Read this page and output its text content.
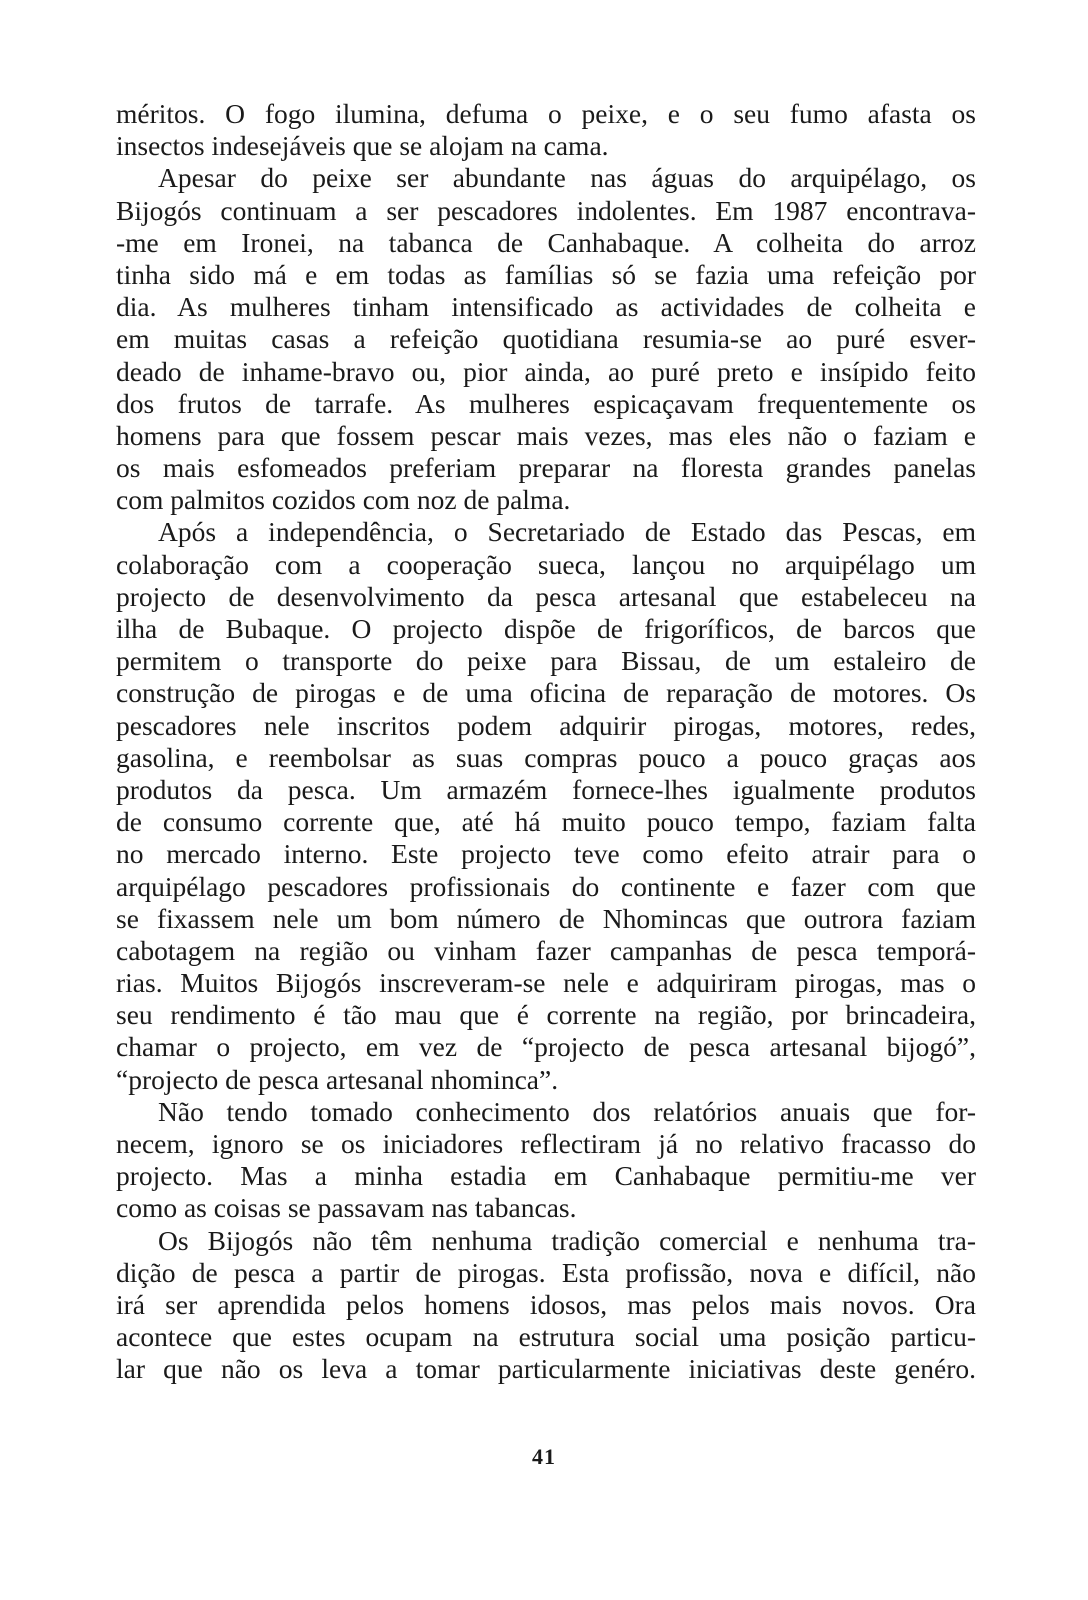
méritos. O fogo ilumina, defuma o peixe, e o seu fumo afasta os
insectos indesejáveis que se alojam na cama.
Apesar do peixe ser abundante nas águas do arquipélago, os
Bijogós continuam a ser pescadores indolentes. Em 1987 encontrava-
-me em Ironei, na tabanca de Canhabaque. A colheita do arroz
tinha sido má e em todas as famílias só se fazia uma refeição por
dia. As mulheres tinham intensificado as actividades de colheita e
em muitas casas a refeição quotidiana resumia-se ao puré esver-
deado de inhame-bravo ou, pior ainda, ao puré preto e insípido feito
dos frutos de tarrafe. As mulheres espicaçavam frequentemente os
homens para que fossem pescar mais vezes, mas eles não o faziam e
os mais esfomeados preferiam preparar na floresta grandes panelas
com palmitos cozidos com noz de palma.
Após a independência, o Secretariado de Estado das Pescas, em
colaboração com a cooperação sueca, lançou no arquipélago um
projecto de desenvolvimento da pesca artesanal que estabeleceu na
ilha de Bubaque. O projecto dispõe de frigoríficos, de barcos que
permitem o transporte do peixe para Bissau, de um estaleiro de
construção de pirogas e de uma oficina de reparação de motores. Os
pescadores nele inscritos podem adquirir pirogas, motores, redes,
gasolina, e reembolsar as suas compras pouco a pouco graças aos
produtos da pesca. Um armazém fornece-lhes igualmente produtos
de consumo corrente que, até há muito pouco tempo, faziam falta
no mercado interno. Este projecto teve como efeito atrair para o
arquipélago pescadores profissionais do continente e fazer com que
se fixassem nele um bom número de Nhomincas que outrora faziam
cabotagem na região ou vinham fazer campanhas de pesca temporá-
rias. Muitos Bijogós inscreveram-se nele e adquiriram pirogas, mas o
seu rendimento é tão mau que é corrente na região, por brincadeira,
chamar o projecto, em vez de “projecto de pesca artesanal bijogó”,
“projecto de pesca artesanal nhominca”.
Não tendo tomado conhecimento dos relatórios anuais que for-
necem, ignoro se os iniciadores reflectiram já no relativo fracasso do
projecto. Mas a minha estadia em Canhabaque permitiu-me ver
como as coisas se passavam nas tabancas.
Os Bijogós não têm nenhuma tradição comercial e nenhuma tra-
dição de pesca a partir de pirogas. Esta profissão, nova e difícil, não
irá ser aprendida pelos homens idosos, mas pelos mais novos. Ora
acontece que estes ocupam na estrutura social uma posição particu-
lar que não os leva a tomar particularmente iniciativas deste genéro.
41
